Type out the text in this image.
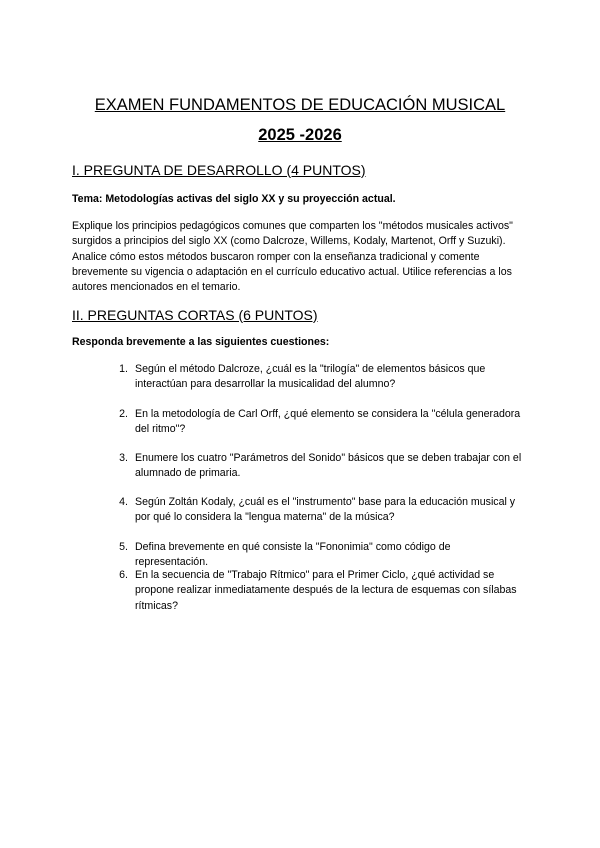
EXAMEN FUNDAMENTOS DE EDUCACIÓN MUSICAL
2025 -2026
I. PREGUNTA DE DESARROLLO (4 PUNTOS)

Tema: Metodologías activas del siglo XX y su proyección actual.

Explique los principios pedagógicos comunes que comparten los "métodos musicales activos" surgidos a principios del siglo XX (como Dalcroze, Willems, Kodaly, Martenot, Orff y Suzuki). Analice cómo estos métodos buscaron romper con la enseñanza tradicional y comente brevemente su vigencia o adaptación en el currículo educativo actual. Utilice referencias a los autores mencionados en el temario.

II. PREGUNTAS CORTAS (6 PUNTOS)

Responda brevemente a las siguientes cuestiones:

1. Según el método Dalcroze, ¿cuál es la "trilogía" de elementos básicos que interactúan para desarrollar la musicalidad del alumno?
2. En la metodología de Carl Orff, ¿qué elemento se considera la "célula generadora del ritmo"?
3. Enumere los cuatro "Parámetros del Sonido" básicos que se deben trabajar con el alumnado de primaria.
4. Según Zoltán Kodaly, ¿cuál es el "instrumento" base para la educación musical y por qué lo considera la "lengua materna" de la música?
5. Defina brevemente en qué consiste la "Fononimia" como código de representación.
6. En la secuencia de "Trabajo Rítmico" para el Primer Ciclo, ¿qué actividad se propone realizar inmediatamente después de la lectura de esquemas con sílabas rítmicas?
